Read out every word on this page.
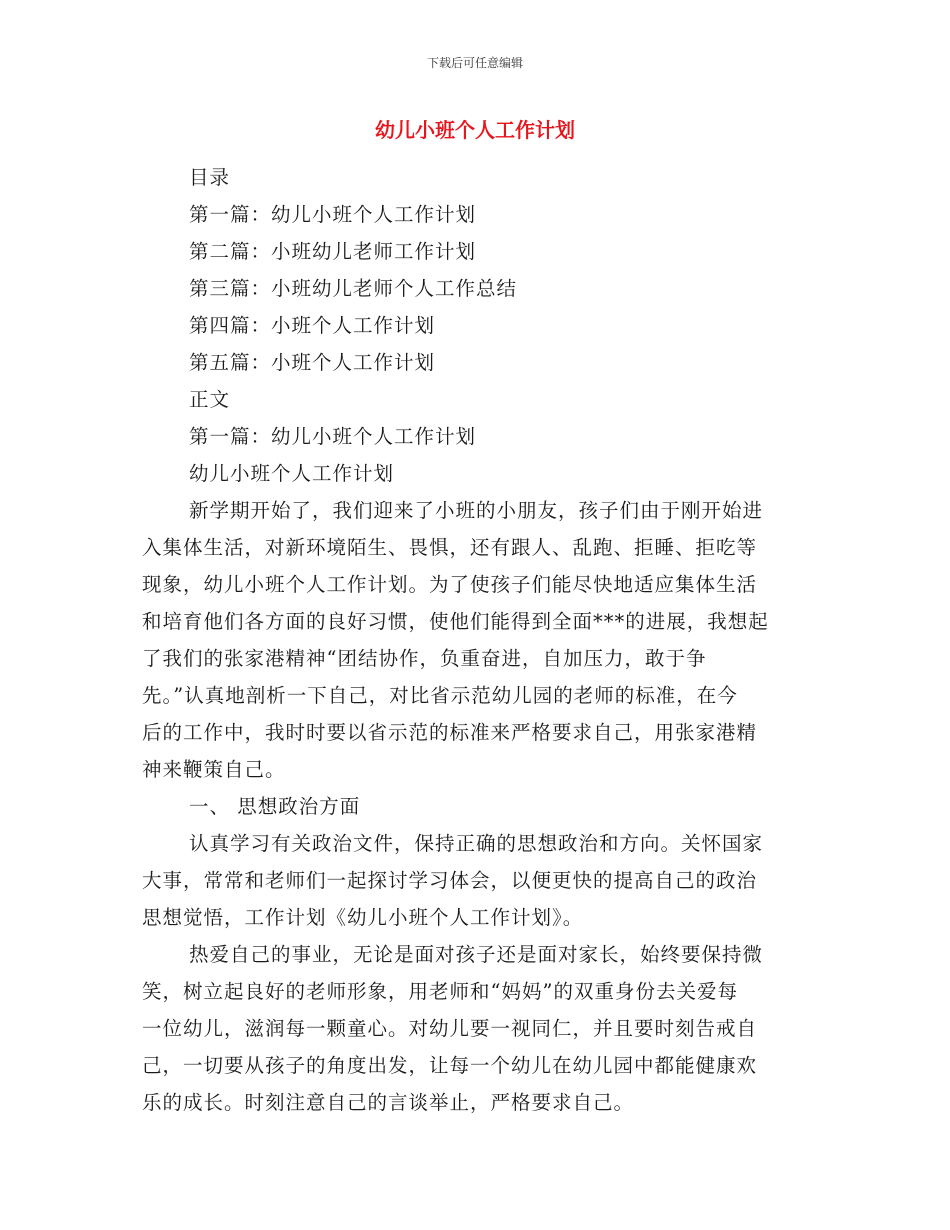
下载后可任意编辑
幼儿小班个人工作计划
目录
第一篇：幼儿小班个人工作计划
第二篇：小班幼儿老师工作计划
第三篇：小班幼儿老师个人工作总结
第四篇：小班个人工作计划
第五篇：小班个人工作计划
正文
第一篇：幼儿小班个人工作计划
幼儿小班个人工作计划
新学期开始了，我们迎来了小班的小朋友，孩子们由于刚开始进
入集体生活，对新环境陌生、畏惧，还有跟人、乱跑、拒睡、拒吃等
现象，幼儿小班个人工作计划。为了使孩子们能尽快地适应集体生活
和培育他们各方面的良好习惯，使他们能得到全面***的进展，我想起
了我们的张家港精神“团结协作，负重奋进，自加压力，敢于争
先。”认真地剖析一下自己，对比省示范幼儿园的老师的标准，在今
后的工作中，我时时要以省示范的标准来严格要求自己，用张家港精
神来鞭策自己。
一、 思想政治方面
认真学习有关政治文件，保持正确的思想政治和方向。关怀国家
大事，常常和老师们一起探讨学习体会，以便更快的提高自己的政治
思想觉悟，工作计划《幼儿小班个人工作计划》。
热爱自己的事业，无论是面对孩子还是面对家长，始终要保持微
笑，树立起良好的老师形象，用老师和“妈妈”的双重身份去关爱每
一位幼儿，滋润每一颗童心。对幼儿要一视同仁，并且要时刻告戒自
己，一切要从孩子的角度出发，让每一个幼儿在幼儿园中都能健康欢
乐的成长。时刻注意自己的言谈举止，严格要求自己。
